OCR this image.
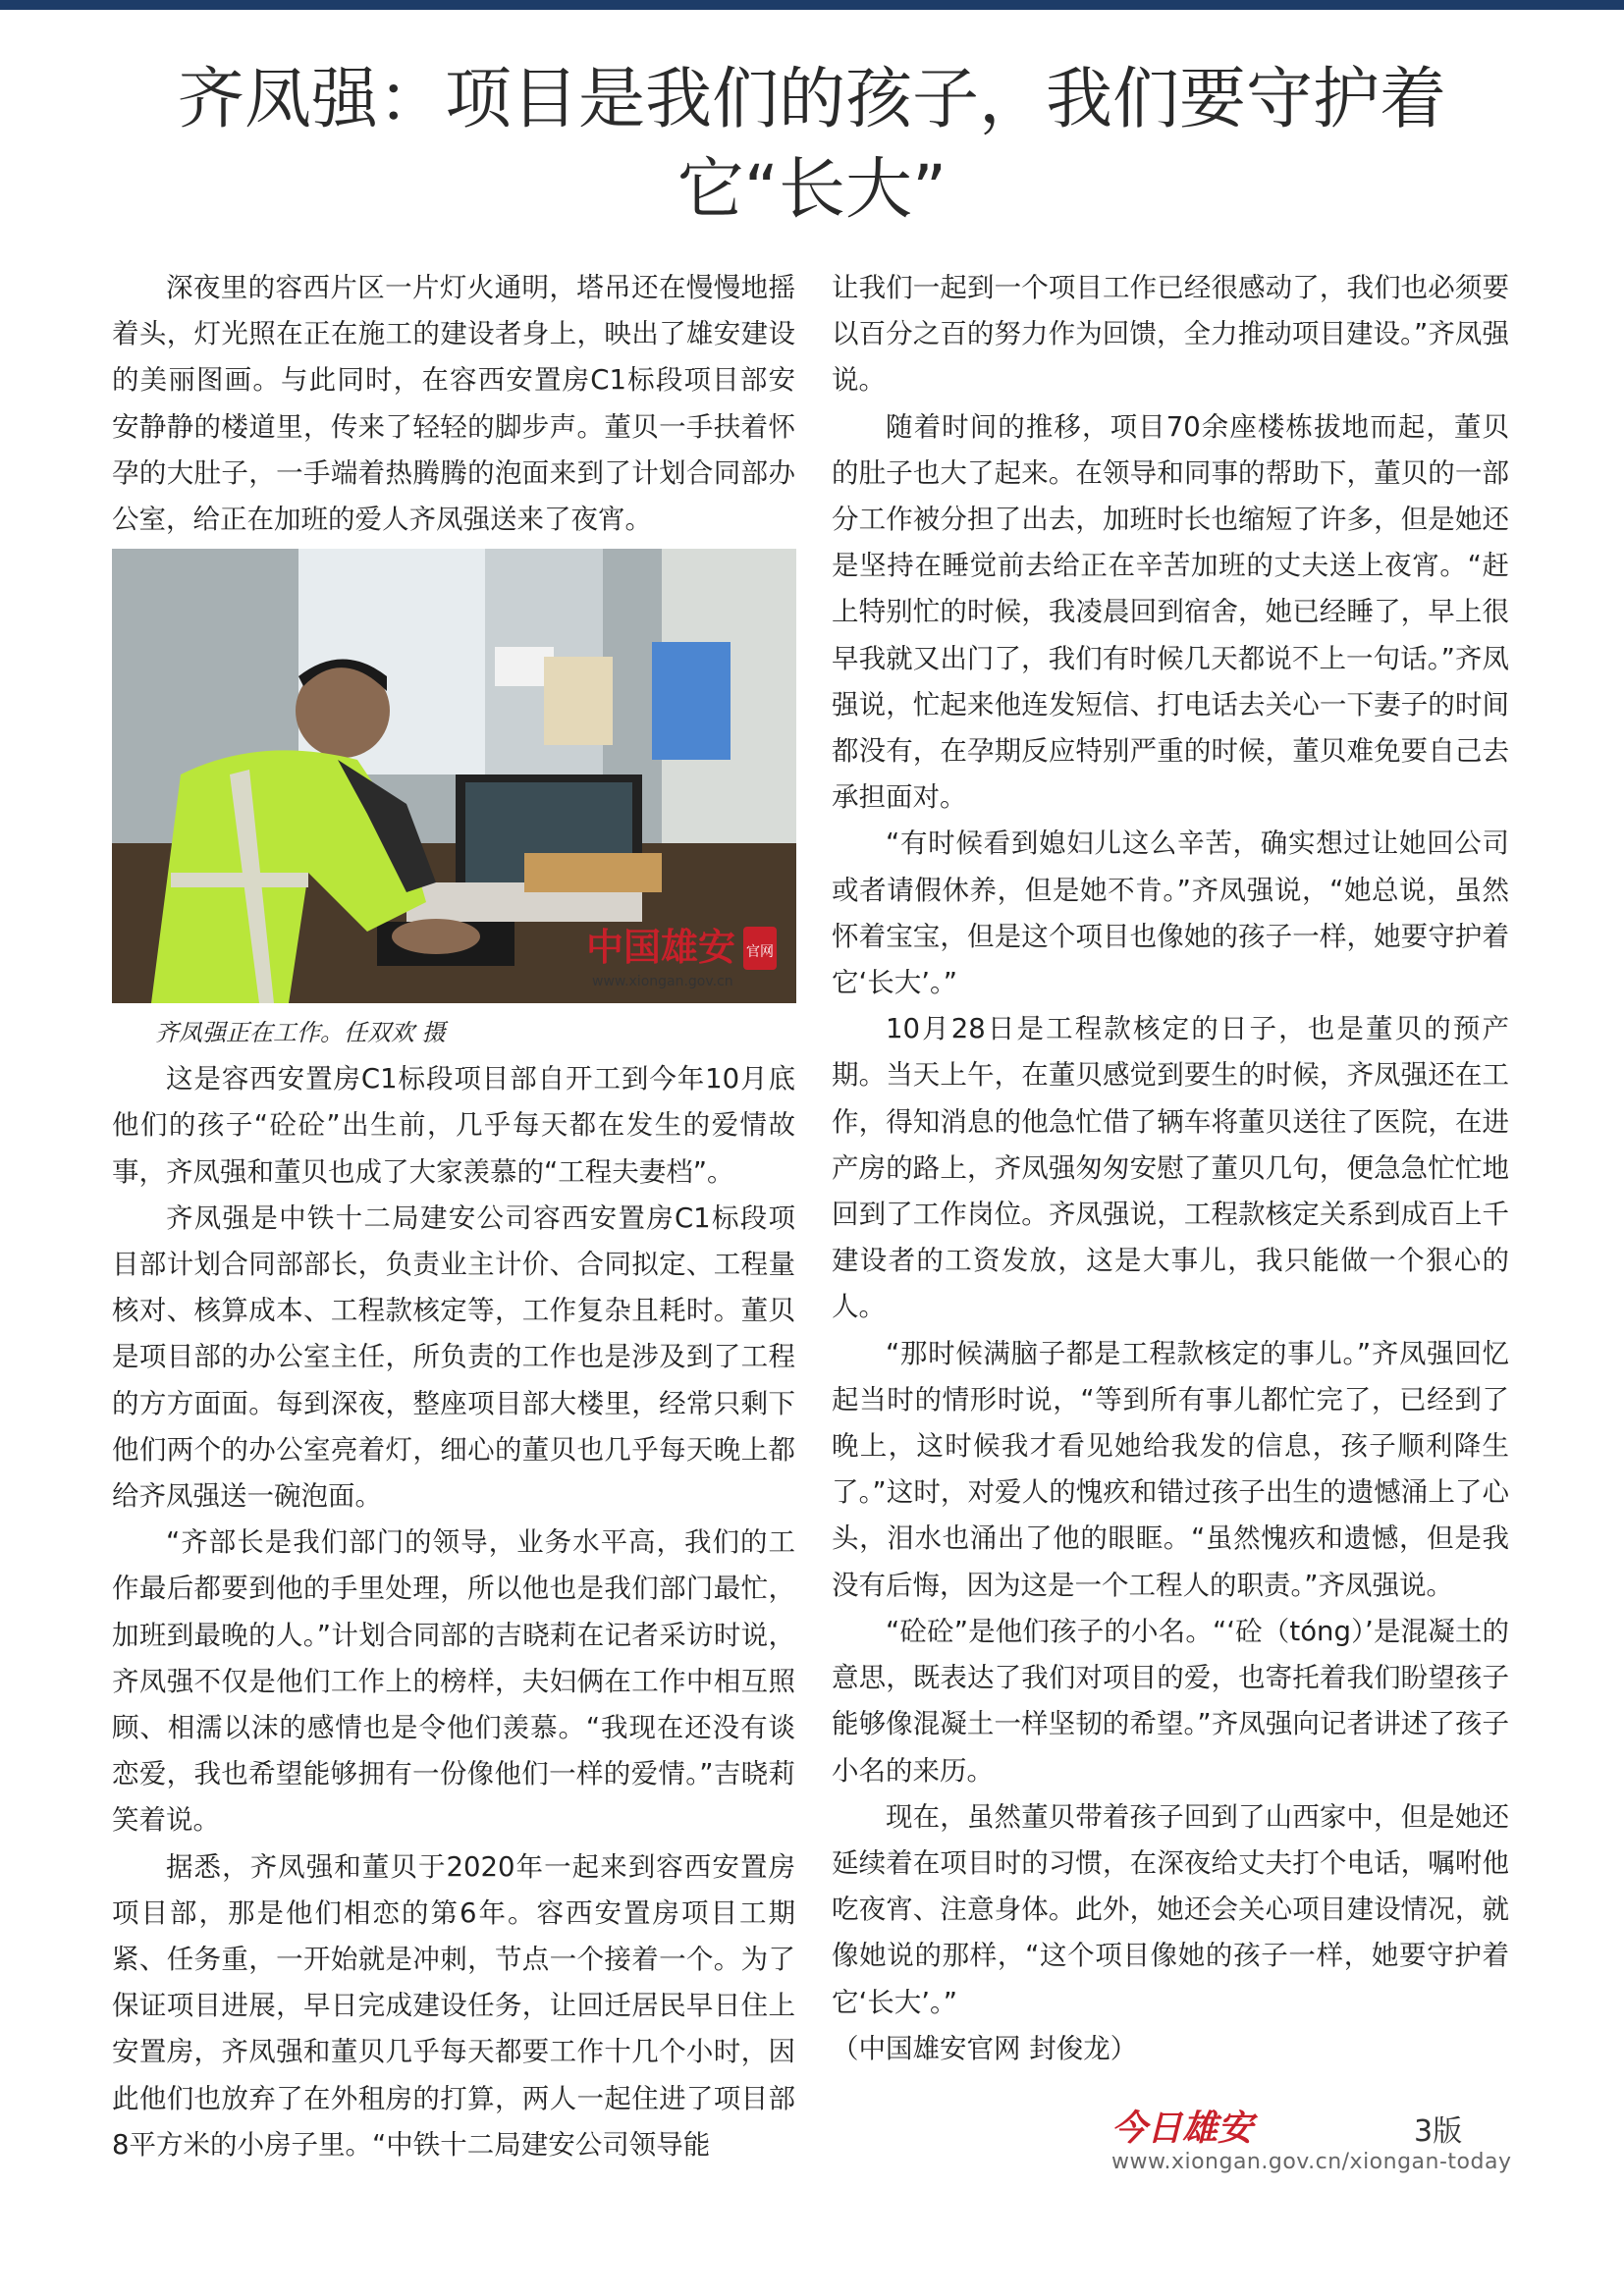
齐凤强：项目是我们的孩子，我们要守护着
它“长大”

深夜里的容西片区一片灯火通明，塔吊还在慢慢地摇着头，灯光照在正在施工的建设者身上，映出了雄安建设的美丽图画。与此同时，在容西安置房C1标段项目部安安静静的楼道里，传来了轻轻的脚步声。董贝一手扶着怀孕的大肚子，一手端着热腾腾的泡面来到了计划合同部办公室，给正在加班的爱人齐凤强送来了夜宵。

中国雄安 官网
www.xiongan.gov.cn
齐凤强正在工作。任双欢 摄

这是容西安置房C1标段项目部自开工到今年10月底他们的孩子“砼砼”出生前，几乎每天都在发生的爱情故事，齐凤强和董贝也成了大家羡慕的“工程夫妻档”。

齐凤强是中铁十二局建安公司容西安置房C1标段项目部计划合同部部长，负责业主计价、合同拟定、工程量核对、核算成本、工程款核定等，工作复杂且耗时。董贝是项目部的办公室主任，所负责的工作也是涉及到了工程的方方面面。每到深夜，整座项目部大楼里，经常只剩下他们两个的办公室亮着灯，细心的董贝也几乎每天晚上都给齐凤强送一碗泡面。

“齐部长是我们部门的领导，业务水平高，我们的工作最后都要到他的手里处理，所以他也是我们部门最忙，加班到最晚的人。”计划合同部的吉晓莉在记者采访时说，齐凤强不仅是他们工作上的榜样，夫妇俩在工作中相互照顾、相濡以沫的感情也是令他们羡慕。“我现在还没有谈恋爱，我也希望能够拥有一份像他们一样的爱情。”吉晓莉笑着说。

据悉，齐凤强和董贝于2020年一起来到容西安置房项目部，那是他们相恋的第6年。容西安置房项目工期紧、任务重，一开始就是冲刺，节点一个接着一个。为了保证项目进展，早日完成建设任务，让回迁居民早日住上安置房，齐凤强和董贝几乎每天都要工作十几个小时，因此他们也放弃了在外租房的打算，两人一起住进了项目部8平方米的小房子里。“中铁十二局建安公司领导能

让我们一起到一个项目工作已经很感动了，我们也必须要以百分之百的努力作为回馈，全力推动项目建设。”齐凤强说。

随着时间的推移，项目70余座楼栋拔地而起，董贝的肚子也大了起来。在领导和同事的帮助下，董贝的一部分工作被分担了出去，加班时长也缩短了许多，但是她还是坚持在睡觉前去给正在辛苦加班的丈夫送上夜宵。“赶上特别忙的时候，我凌晨回到宿舍，她已经睡了，早上很早我就又出门了，我们有时候几天都说不上一句话。”齐凤强说，忙起来他连发短信、打电话去关心一下妻子的时间都没有，在孕期反应特别严重的时候，董贝难免要自己去承担面对。

“有时候看到媳妇儿这么辛苦，确实想过让她回公司或者请假休养，但是她不肯。”齐凤强说，“她总说，虽然怀着宝宝，但是这个项目也像她的孩子一样，她要守护着它‘长大’。”

10月28日是工程款核定的日子，也是董贝的预产期。当天上午，在董贝感觉到要生的时候，齐凤强还在工作，得知消息的他急忙借了辆车将董贝送往了医院，在进产房的路上，齐凤强匆匆安慰了董贝几句，便急急忙忙地回到了工作岗位。齐凤强说，工程款核定关系到成百上千建设者的工资发放，这是大事儿，我只能做一个狠心的人。

“那时候满脑子都是工程款核定的事儿。”齐凤强回忆起当时的情形时说，“等到所有事儿都忙完了，已经到了晚上，这时候我才看见她给我发的信息，孩子顺利降生了。”这时，对爱人的愧疚和错过孩子出生的遗憾涌上了心头，泪水也涌出了他的眼眶。“虽然愧疚和遗憾，但是我没有后悔，因为这是一个工程人的职责。”齐凤强说。

“砼砼”是他们孩子的小名。“‘砼（tóng）’是混凝土的意思，既表达了我们对项目的爱，也寄托着我们盼望孩子能够像混凝土一样坚韧的希望。”齐凤强向记者讲述了孩子小名的来历。

现在，虽然董贝带着孩子回到了山西家中，但是她还延续着在项目时的习惯，在深夜给丈夫打个电话，嘱咐他吃夜宵、注意身体。此外，她还会关心项目建设情况，就像她说的那样，“这个项目像她的孩子一样，她要守护着它‘长大’。”

（中国雄安官网 封俊龙）

今日雄安	3版
www.xiongan.gov.cn/xiongan-today
